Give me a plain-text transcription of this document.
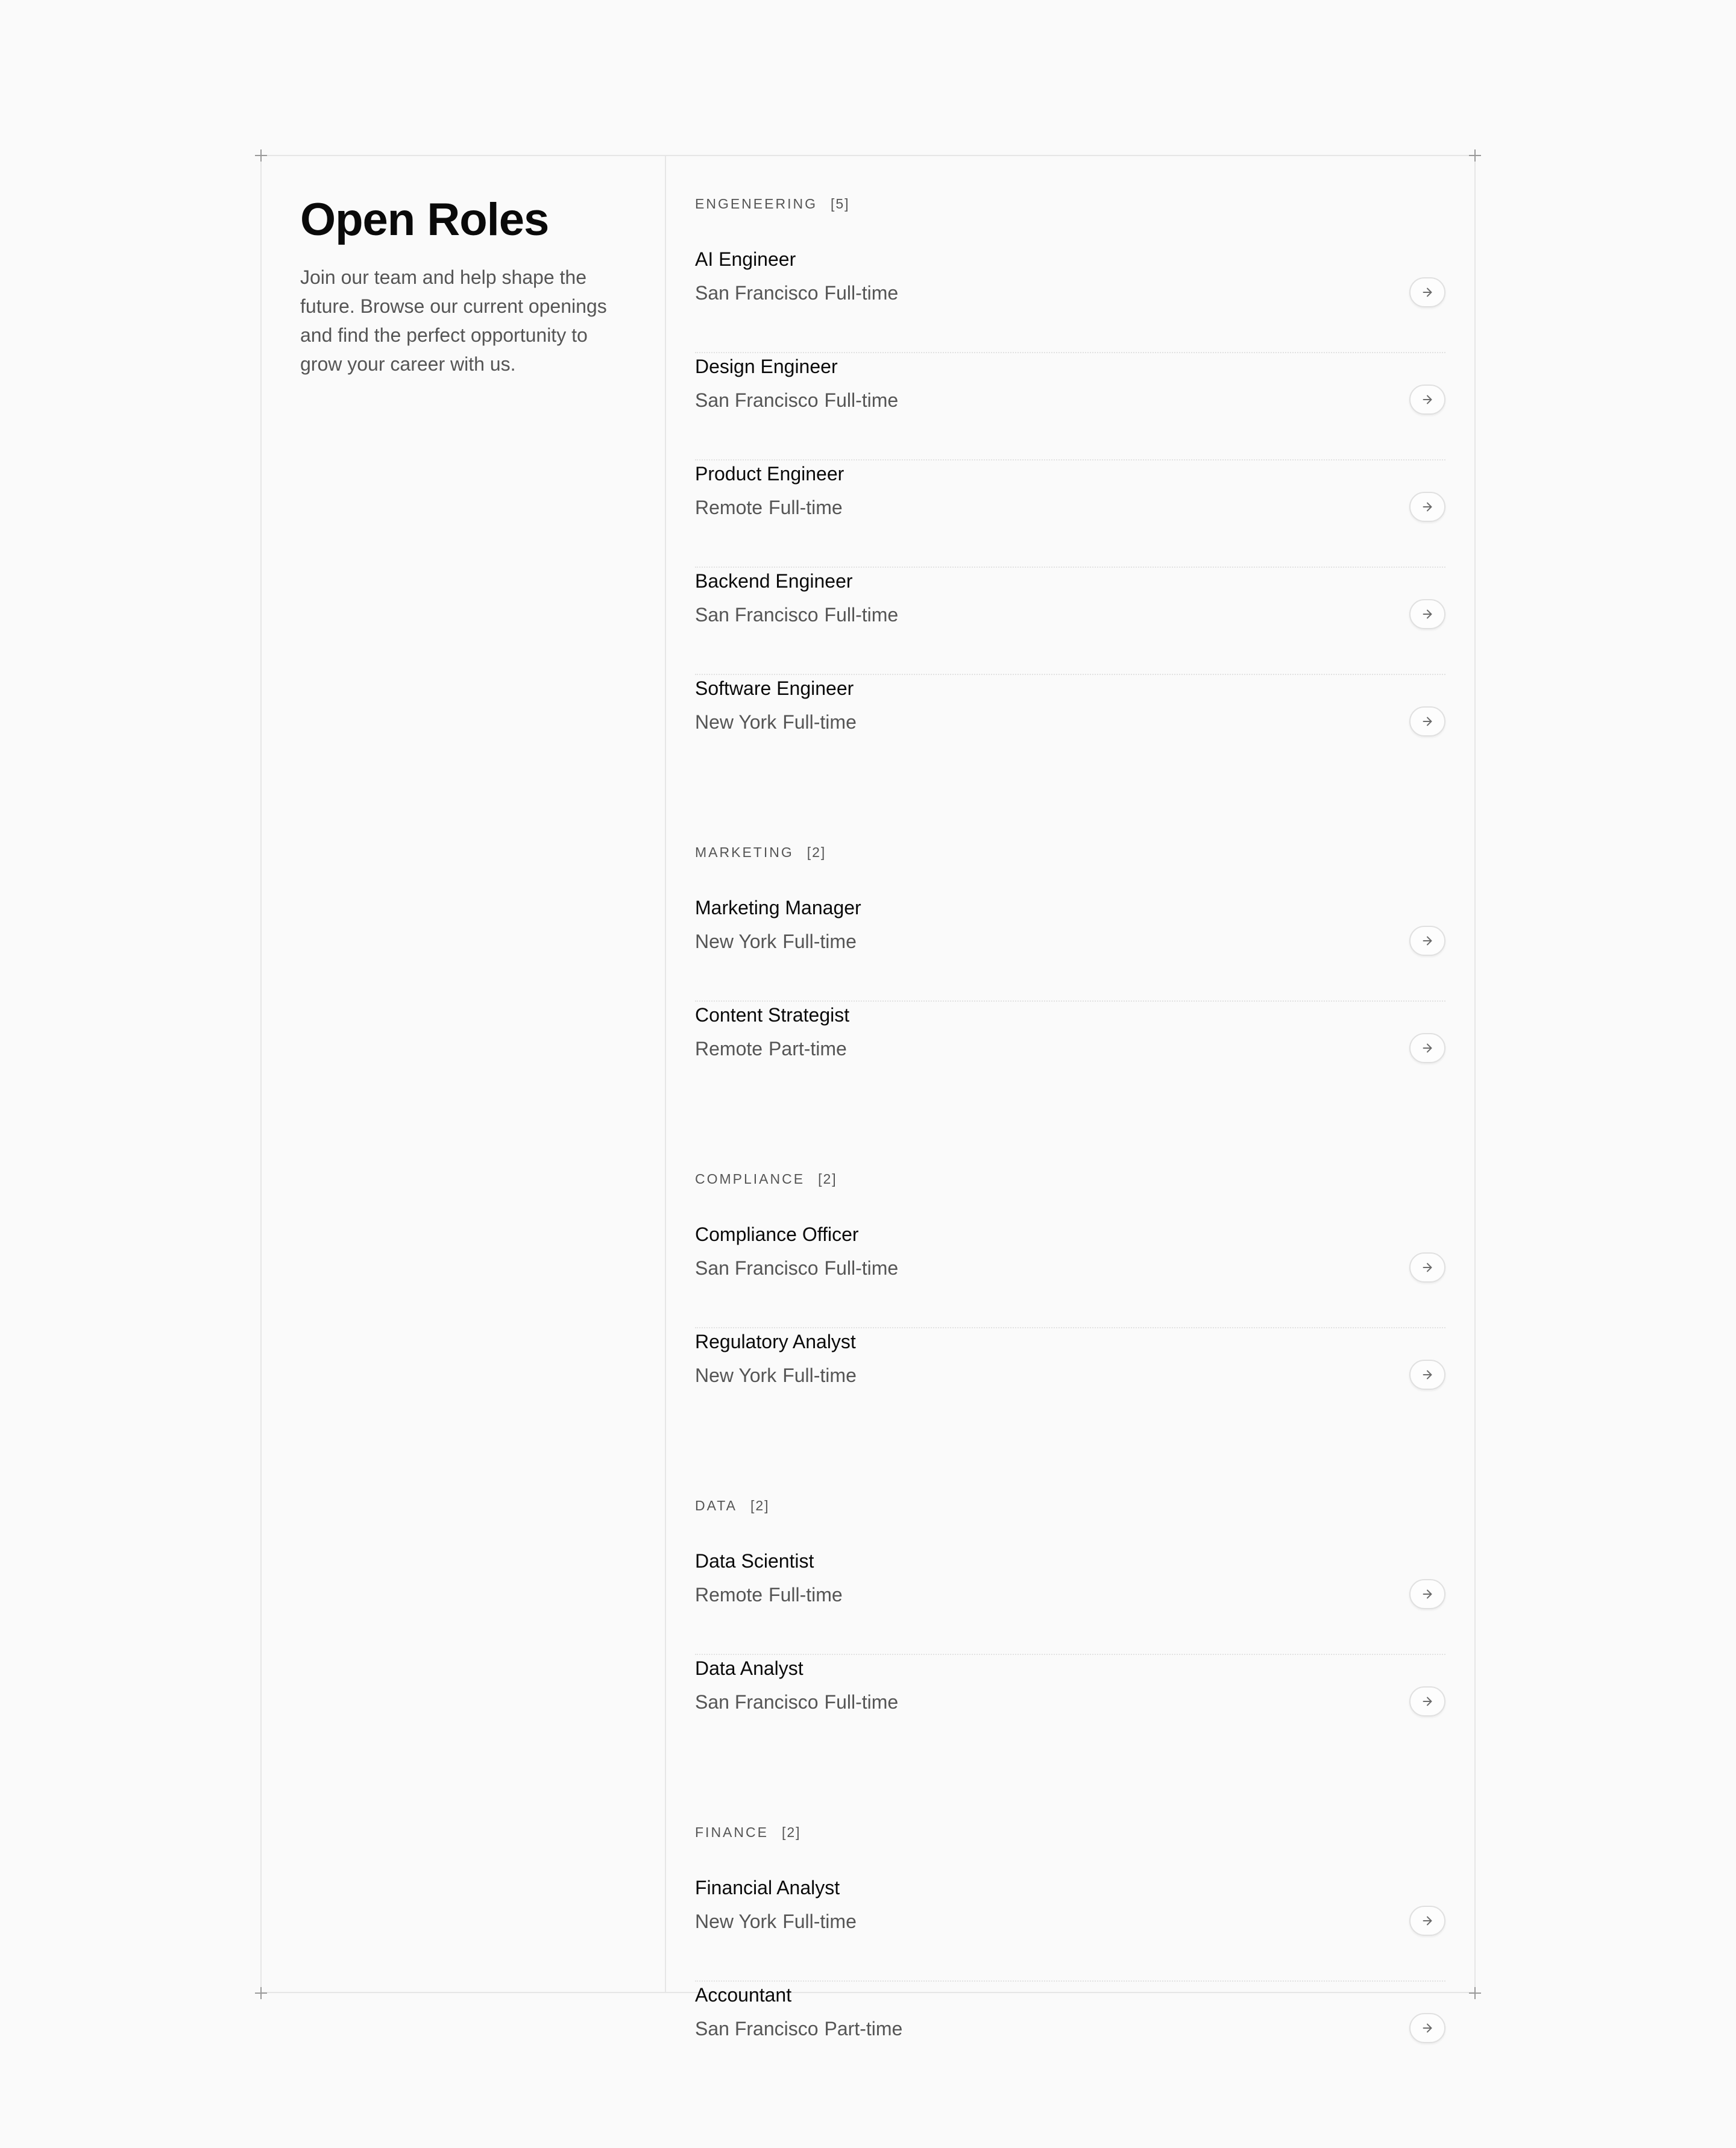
Open Roles

Join our team and help shape the future. Browse our current openings and find the perfect opportunity to grow your career with us.

ENGENEERING [5]
AI Engineer
San Francisco Full-time
Design Engineer
San Francisco Full-time
Product Engineer
Remote Full-time
Backend Engineer
San Francisco Full-time
Software Engineer
New York Full-time
MARKETING [2]
Marketing Manager
New York Full-time
Content Strategist
Remote Part-time
COMPLIANCE [2]
Compliance Officer
San Francisco Full-time
Regulatory Analyst
New York Full-time
DATA [2]
Data Scientist
Remote Full-time
Data Analyst
San Francisco Full-time
FINANCE [2]
Financial Analyst
New York Full-time
Accountant
San Francisco Part-time
